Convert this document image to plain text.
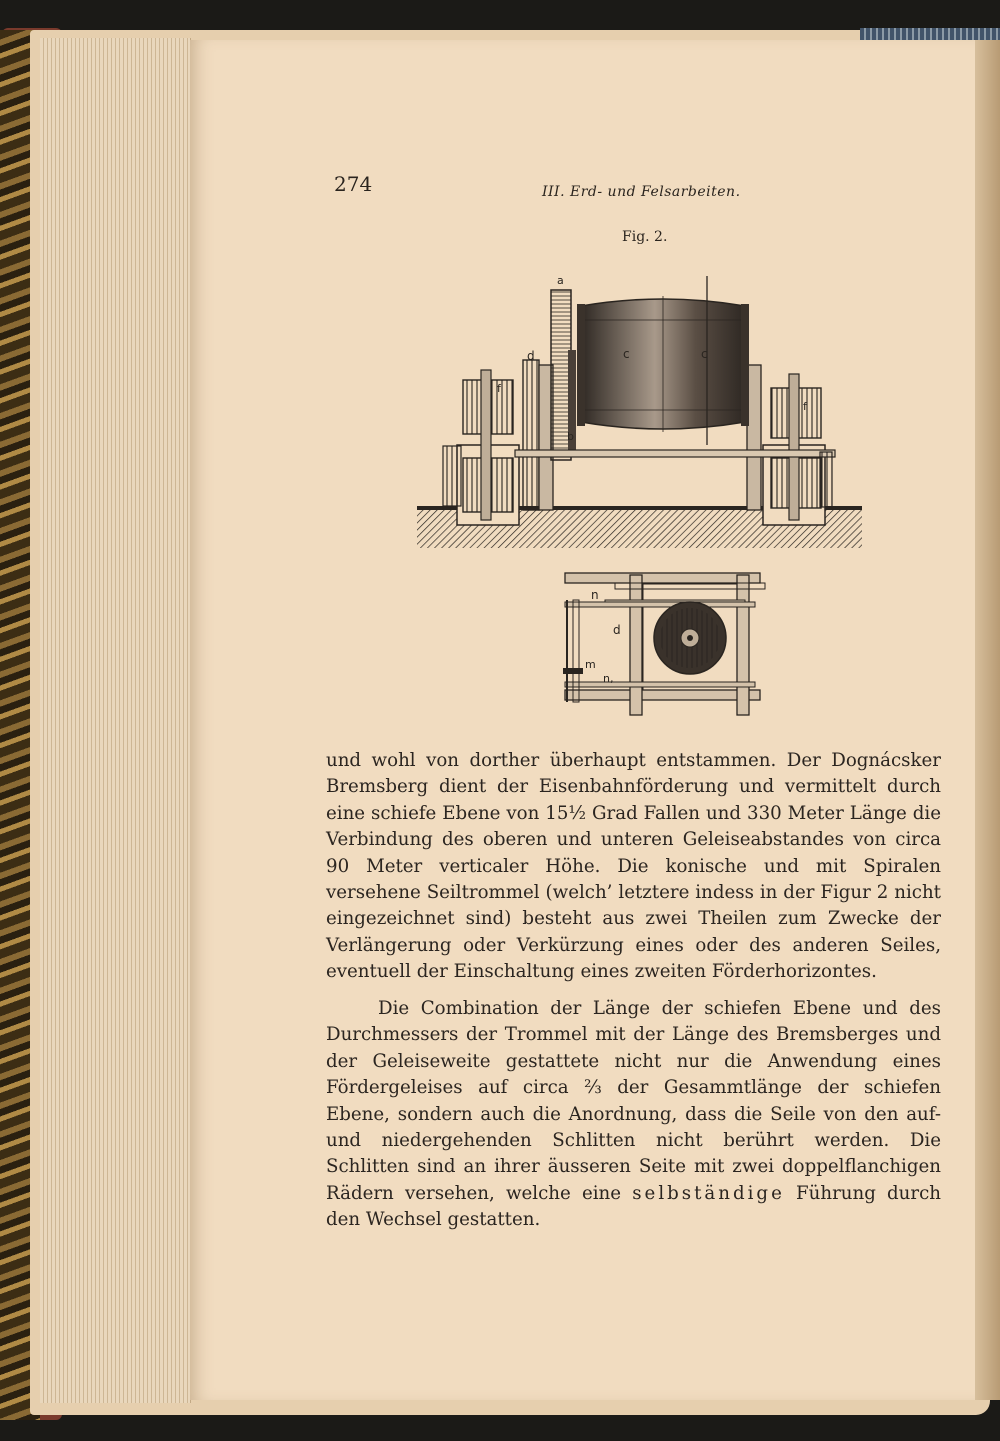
274	III. Erd- und Felsarbeiten.
Fig. 2.
a
d	c	c
b
f
f
n
n,
m
d

und wohl von dorther überhaupt entstammen. Der Dognácsker Bremsberg dient der Eisenbahnförderung und vermittelt durch eine schiefe Ebene von 15½ Grad Fallen und 330 Meter Länge die Verbindung des oberen und unteren Geleiseabstandes von circa 90 Meter verticaler Höhe. Die konische und mit Spiralen versehene Seiltrommel (welch’ letztere indess in der Figur 2 nicht eingezeichnet sind) besteht aus zwei Theilen zum Zwecke der Verlängerung oder Verkürzung eines oder des anderen Seiles, eventuell der Einschaltung eines zweiten Förderhorizontes.

Die Combination der Länge der schiefen Ebene und des Durchmessers der Trommel mit der Länge des Bremsberges und der Geleiseweite gestattete nicht nur die Anwendung eines Fördergeleises auf circa ⅔ der Gesammtlänge der schiefen Ebene, sondern auch die Anordnung, dass die Seile von den auf- und niedergehenden Schlitten nicht berührt werden. Die Schlitten sind an ihrer äusseren Seite mit zwei doppelflanchigen Rädern versehen, welche eine selbständige Führung durch den Wechsel gestatten.
